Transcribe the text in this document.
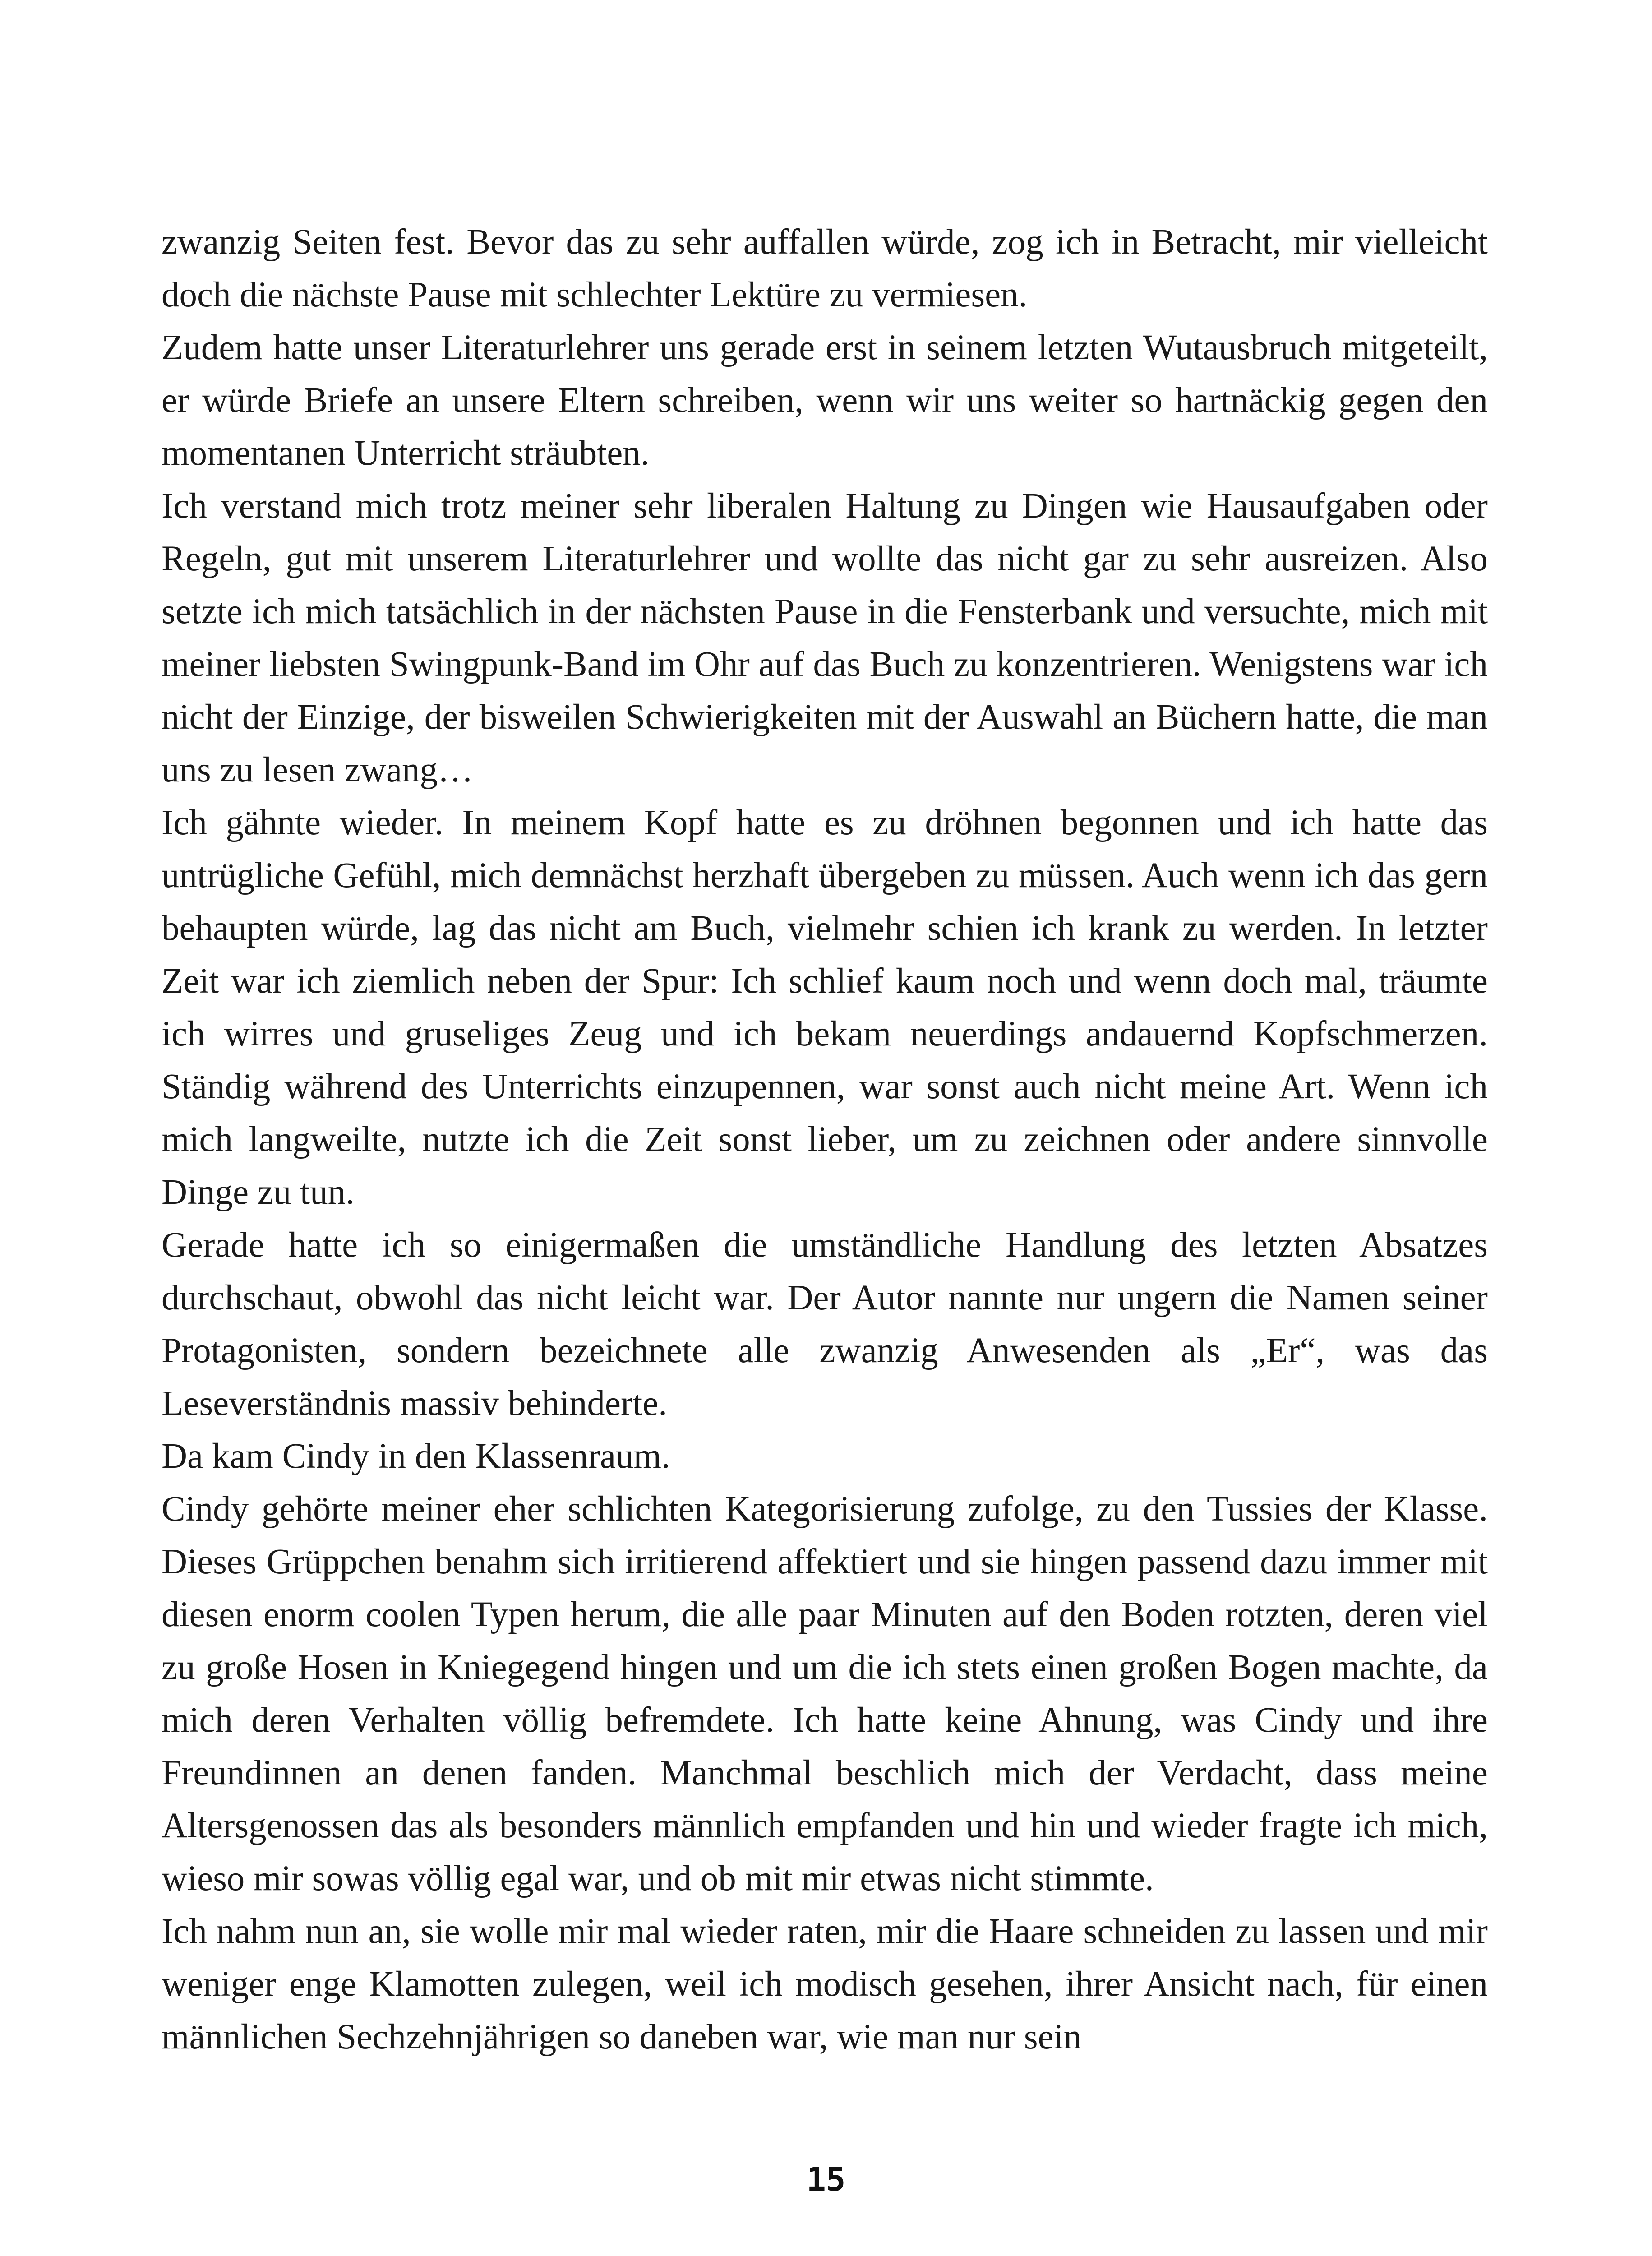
zwanzig Seiten fest. Bevor das zu sehr auffallen würde, zog ich in Betracht, mir vielleicht doch die nächste Pause mit schlechter Lektüre zu vermiesen.

Zudem hatte unser Literaturlehrer uns gerade erst in seinem letzten Wutausbruch mitgeteilt, er würde Briefe an unsere Eltern schreiben, wenn wir uns weiter so hartnäckig gegen den momentanen Unterricht sträubten.

Ich verstand mich trotz meiner sehr liberalen Haltung zu Dingen wie Hausaufgaben oder Regeln, gut mit unserem Literaturlehrer und wollte das nicht gar zu sehr ausreizen. Also setzte ich mich tatsächlich in der nächsten Pause in die Fensterbank und versuchte, mich mit meiner liebsten Swingpunk-Band im Ohr auf das Buch zu konzentrieren. Wenigstens war ich nicht der Einzige, der bisweilen Schwierigkeiten mit der Auswahl an Büchern hatte, die man uns zu lesen zwang…

Ich gähnte wieder. In meinem Kopf hatte es zu dröhnen begonnen und ich hatte das untrügliche Gefühl, mich demnächst herzhaft übergeben zu müssen. Auch wenn ich das gern behaupten würde, lag das nicht am Buch, vielmehr schien ich krank zu werden. In letzter Zeit war ich ziemlich neben der Spur: Ich schlief kaum noch und wenn doch mal, träumte ich wirres und gruseliges Zeug und ich bekam neuerdings andauernd Kopfschmerzen. Ständig während des Unterrichts einzupennen, war sonst auch nicht meine Art. Wenn ich mich langweilte, nutzte ich die Zeit sonst lieber, um zu zeichnen oder andere sinnvolle Dinge zu tun.

Gerade hatte ich so einigermaßen die umständliche Handlung des letzten Absatzes durchschaut, obwohl das nicht leicht war. Der Autor nannte nur ungern die Namen seiner Protagonisten, sondern bezeichnete alle zwanzig Anwesenden als „Er“, was das Leseverständnis massiv behinderte.

Da kam Cindy in den Klassenraum.

Cindy gehörte meiner eher schlichten Kategorisierung zufolge, zu den Tussies der Klasse. Dieses Grüppchen benahm sich irritierend affektiert und sie hingen passend dazu immer mit diesen enorm coolen Typen herum, die alle paar Minuten auf den Boden rotzten, deren viel zu große Hosen in Kniegegend hingen und um die ich stets einen großen Bogen machte, da mich deren Verhalten völlig befremdete. Ich hatte keine Ahnung, was Cindy und ihre Freundinnen an denen fanden. Manchmal beschlich mich der Verdacht, dass meine Altersgenossen das als besonders männlich empfanden und hin und wieder fragte ich mich, wieso mir sowas völlig egal war, und ob mit mir etwas nicht stimmte.

Ich nahm nun an, sie wolle mir mal wieder raten, mir die Haare schneiden zu lassen und mir weniger enge Klamotten zulegen, weil ich modisch gesehen, ihrer Ansicht nach, für einen männlichen Sechzehnjährigen so daneben war, wie man nur sein

15
